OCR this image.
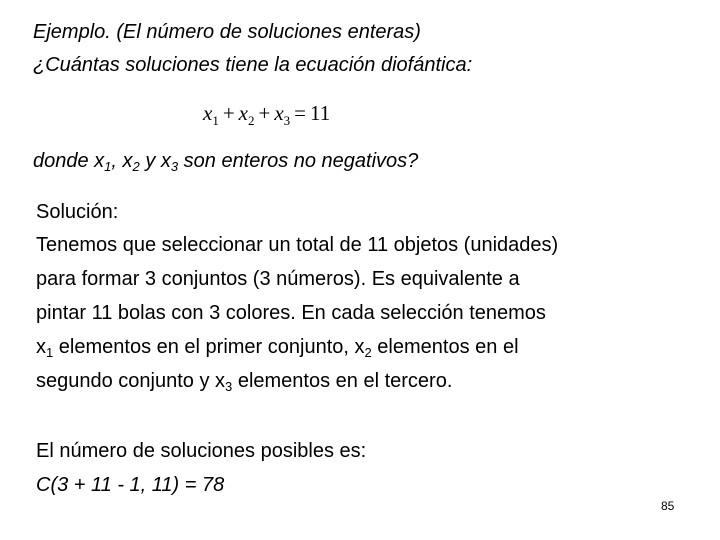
Ejemplo. (El número de soluciones enteras)
¿Cuántas soluciones tiene la ecuación diofántica:
$x_1 + x_2 + x_3 = 11$
donde $x_1$, $x_2$ y $x_3$ son enteros no negativos?
Solución:
Tenemos que seleccionar un total de 11 objetos (unidades)
para formar 3 conjuntos (3 números). Es equivalente a
pintar 11 bolas con 3 colores. En cada selección tenemos
$x_1$ elementos en el primer conjunto, $x_2$ elementos en el
segundo conjunto y $x_3$ elementos en el tercero.
El número de soluciones posibles es:
C(3 + 11 - 1, 11) = 78
85
